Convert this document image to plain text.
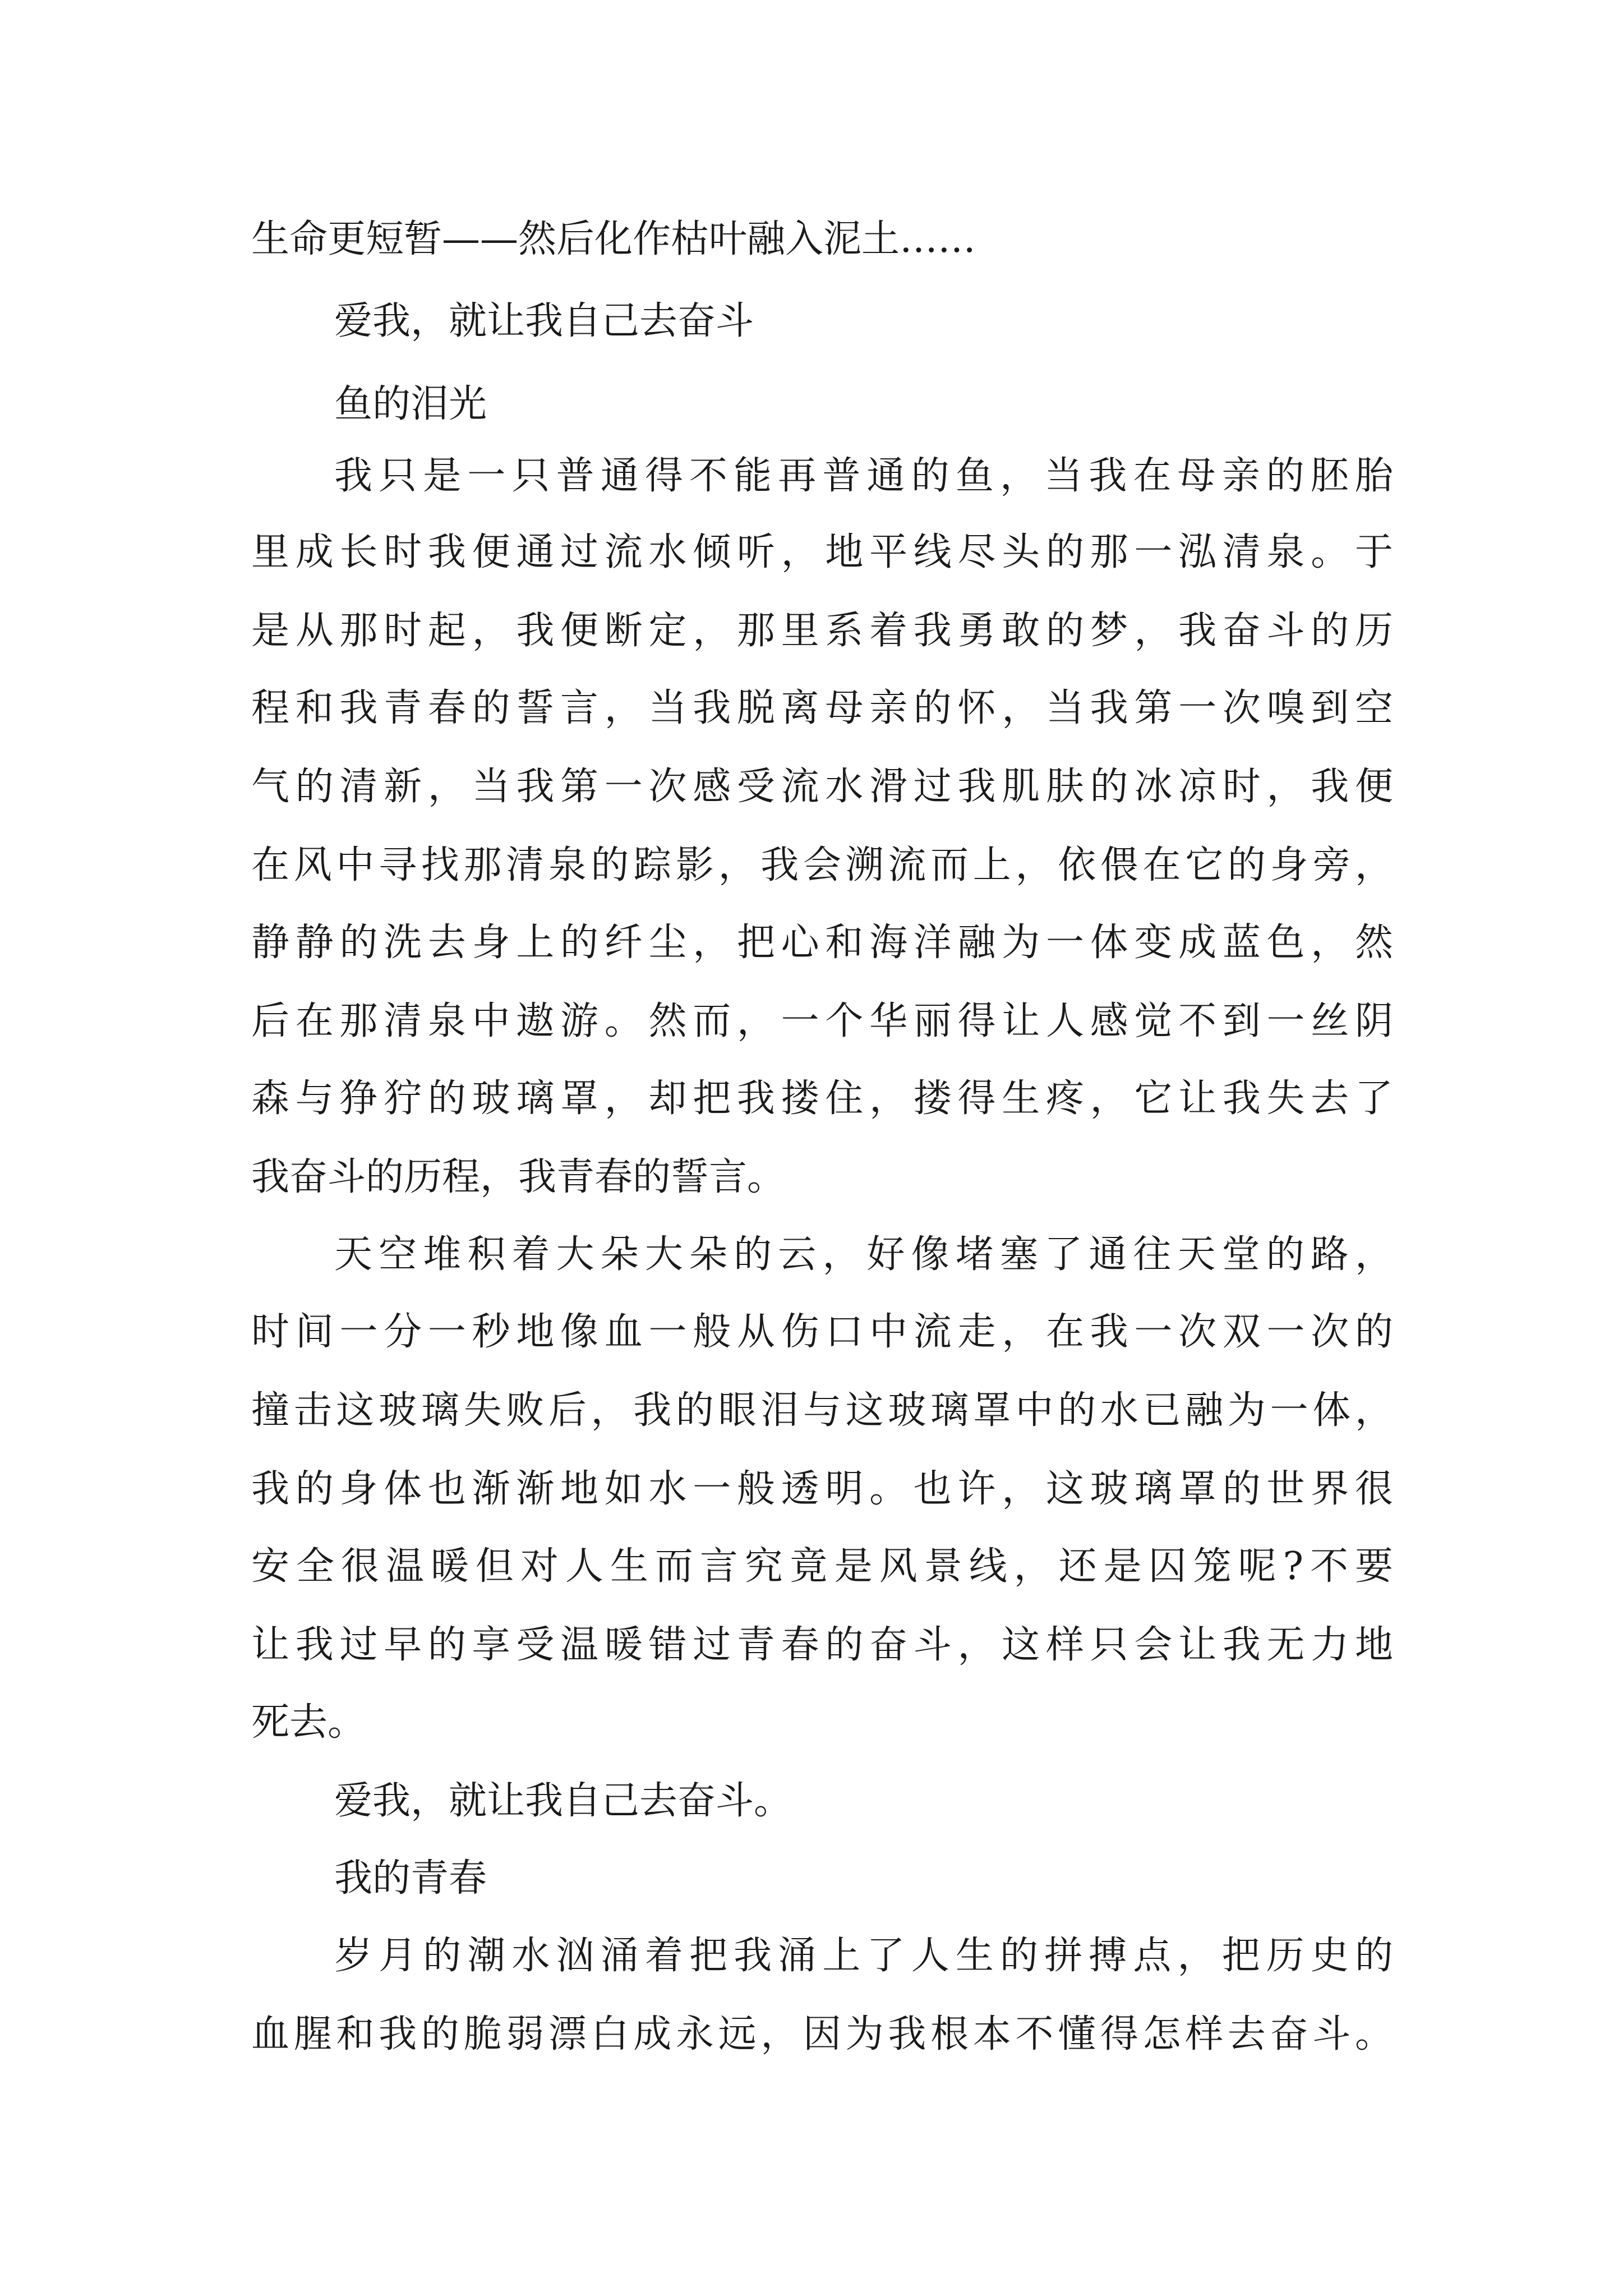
生命更短暂——然后化作枯叶融入泥土……
爱我，就让我自己去奋斗
鱼的泪光
我只是一只普通得不能再普通的鱼，当我在母亲的胚胎
里成长时我便通过流水倾听，地平线尽头的那一泓清泉。于
是从那时起，我便断定，那里系着我勇敢的梦，我奋斗的历
程和我青春的誓言，当我脱离母亲的怀，当我第一次嗅到空
气的清新，当我第一次感受流水滑过我肌肤的冰凉时，我便
在风中寻找那清泉的踪影，我会溯流而上，依偎在它的身旁，
静静的洗去身上的纤尘，把心和海洋融为一体变成蓝色，然
后在那清泉中遨游。然而，一个华丽得让人感觉不到一丝阴
森与狰狞的玻璃罩，却把我搂住，搂得生疼，它让我失去了
我奋斗的历程，我青春的誓言。
天空堆积着大朵大朵的云，好像堵塞了通往天堂的路，
时间一分一秒地像血一般从伤口中流走，在我一次双一次的
撞击这玻璃失败后，我的眼泪与这玻璃罩中的水已融为一体，
我的身体也渐渐地如水一般透明。也许，这玻璃罩的世界很
安全很温暖但对人生而言究竟是风景线，还是囚笼呢?不要
让我过早的享受温暖错过青春的奋斗，这样只会让我无力地
死去。
爱我，就让我自己去奋斗。
我的青春
岁月的潮水汹涌着把我涌上了人生的拼搏点，把历史的
血腥和我的脆弱漂白成永远，因为我根本不懂得怎样去奋斗。
